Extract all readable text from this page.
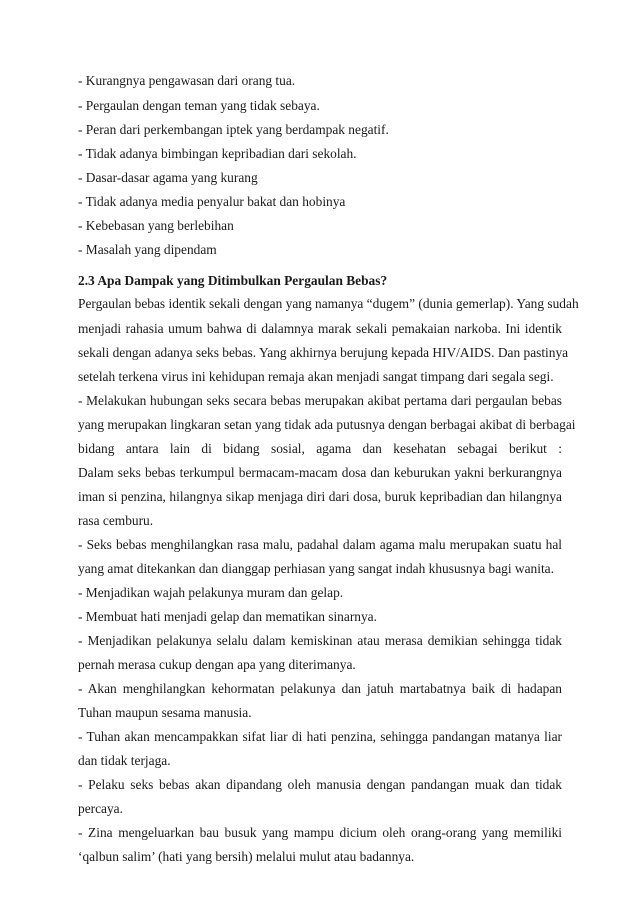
- Kurangnya pengawasan dari orang tua.
- Pergaulan dengan teman yang tidak sebaya.
- Peran dari perkembangan iptek yang berdampak negatif.
- Tidak adanya bimbingan kepribadian dari sekolah.
- Dasar-dasar agama yang kurang
- Tidak adanya media penyalur bakat dan hobinya
- Kebebasan yang berlebihan
- Masalah yang dipendam
2.3 Apa Dampak yang Ditimbulkan Pergaulan Bebas?
Pergaulan bebas identik sekali dengan yang namanya “dugem” (dunia gemerlap). Yang sudah
menjadi rahasia umum bahwa di dalamnya marak sekali pemakaian narkoba. Ini identik
sekali dengan adanya seks bebas. Yang akhirnya berujung kepada HIV/AIDS. Dan pastinya
setelah terkena virus ini kehidupan remaja akan menjadi sangat timpang dari segala segi.
- Melakukan hubungan seks secara bebas merupakan akibat pertama dari pergaulan bebas
yang merupakan lingkaran setan yang tidak ada putusnya dengan berbagai akibat di berbagai
bidang antara lain di bidang sosial, agama dan kesehatan sebagai berikut :
Dalam seks bebas terkumpul bermacam-macam dosa dan keburukan yakni berkurangnya
iman si penzina, hilangnya sikap menjaga diri dari dosa, buruk kepribadian dan hilangnya
rasa cemburu.
- Seks bebas menghilangkan rasa malu, padahal dalam agama malu merupakan suatu hal
yang amat ditekankan dan dianggap perhiasan yang sangat indah khususnya bagi wanita.
- Menjadikan wajah pelakunya muram dan gelap.
- Membuat hati menjadi gelap dan mematikan sinarnya.
- Menjadikan pelakunya selalu dalam kemiskinan atau merasa demikian sehingga tidak
pernah merasa cukup dengan apa yang diterimanya.
- Akan menghilangkan kehormatan pelakunya dan jatuh martabatnya baik di hadapan
Tuhan maupun sesama manusia.
- Tuhan akan mencampakkan sifat liar di hati penzina, sehingga pandangan matanya liar
dan tidak terjaga.
- Pelaku seks bebas akan dipandang oleh manusia dengan pandangan muak dan tidak
percaya.
- Zina mengeluarkan bau busuk yang mampu dicium oleh orang-orang yang memiliki
‘qalbun salim’ (hati yang bersih) melalui mulut atau badannya.
